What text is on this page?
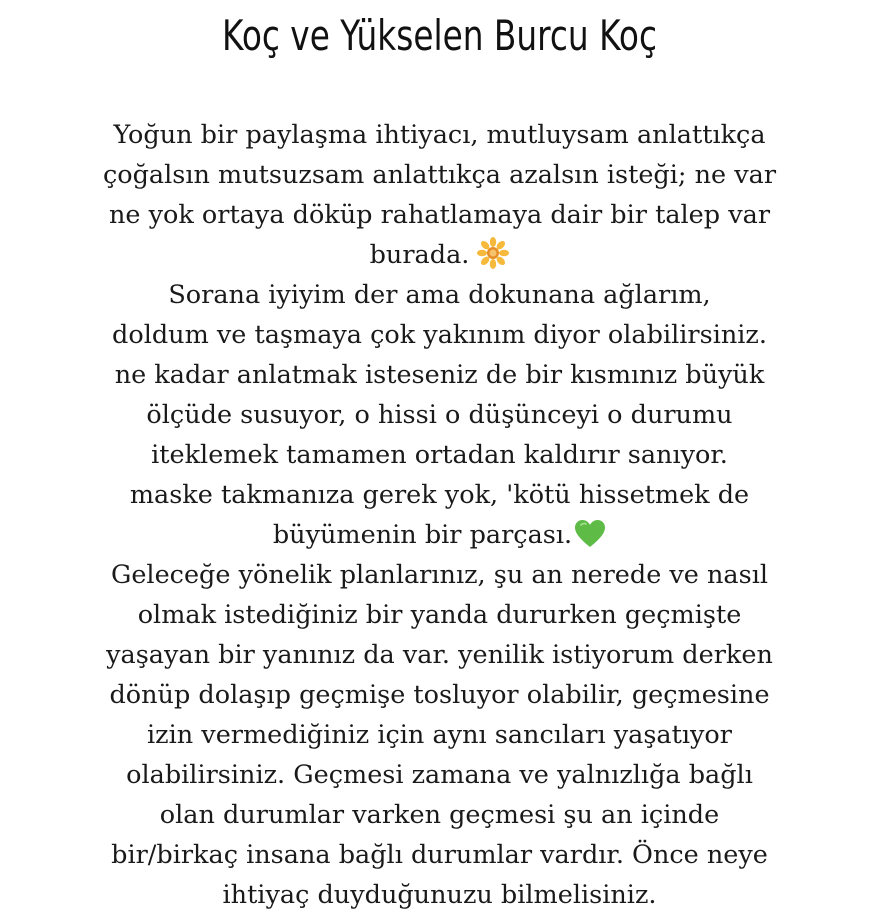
Koç ve Yükselen Burcu Koç
Yoğun bir paylaşma ihtiyacı, mutluysam anlattıkça
çoğalsın mutsuzsam anlattıkça azalsın isteği; ne var
ne yok ortaya döküp rahatlamaya dair bir talep var
burada.
Sorana iyiyim der ama dokunana ağlarım,
doldum ve taşmaya çok yakınım diyor olabilirsiniz.
ne kadar anlatmak isteseniz de bir kısmınız büyük
ölçüde susuyor, o hissi o düşünceyi o durumu
iteklemek tamamen ortadan kaldırır sanıyor.
maske takmanıza gerek yok, 'kötü hissetmek de
büyümenin bir parçası.
Geleceğe yönelik planlarınız, şu an nerede ve nasıl
olmak istediğiniz bir yanda dururken geçmişte
yaşayan bir yanınız da var. yenilik istiyorum derken
dönüp dolaşıp geçmişe tosluyor olabilir, geçmesine
izin vermediğiniz için aynı sancıları yaşatıyor
olabilirsiniz. Geçmesi zamana ve yalnızlığa bağlı
olan durumlar varken geçmesi şu an içinde
bir/birkaç insana bağlı durumlar vardır. Önce neye
ihtiyaç duyduğunuzu bilmelisiniz.
